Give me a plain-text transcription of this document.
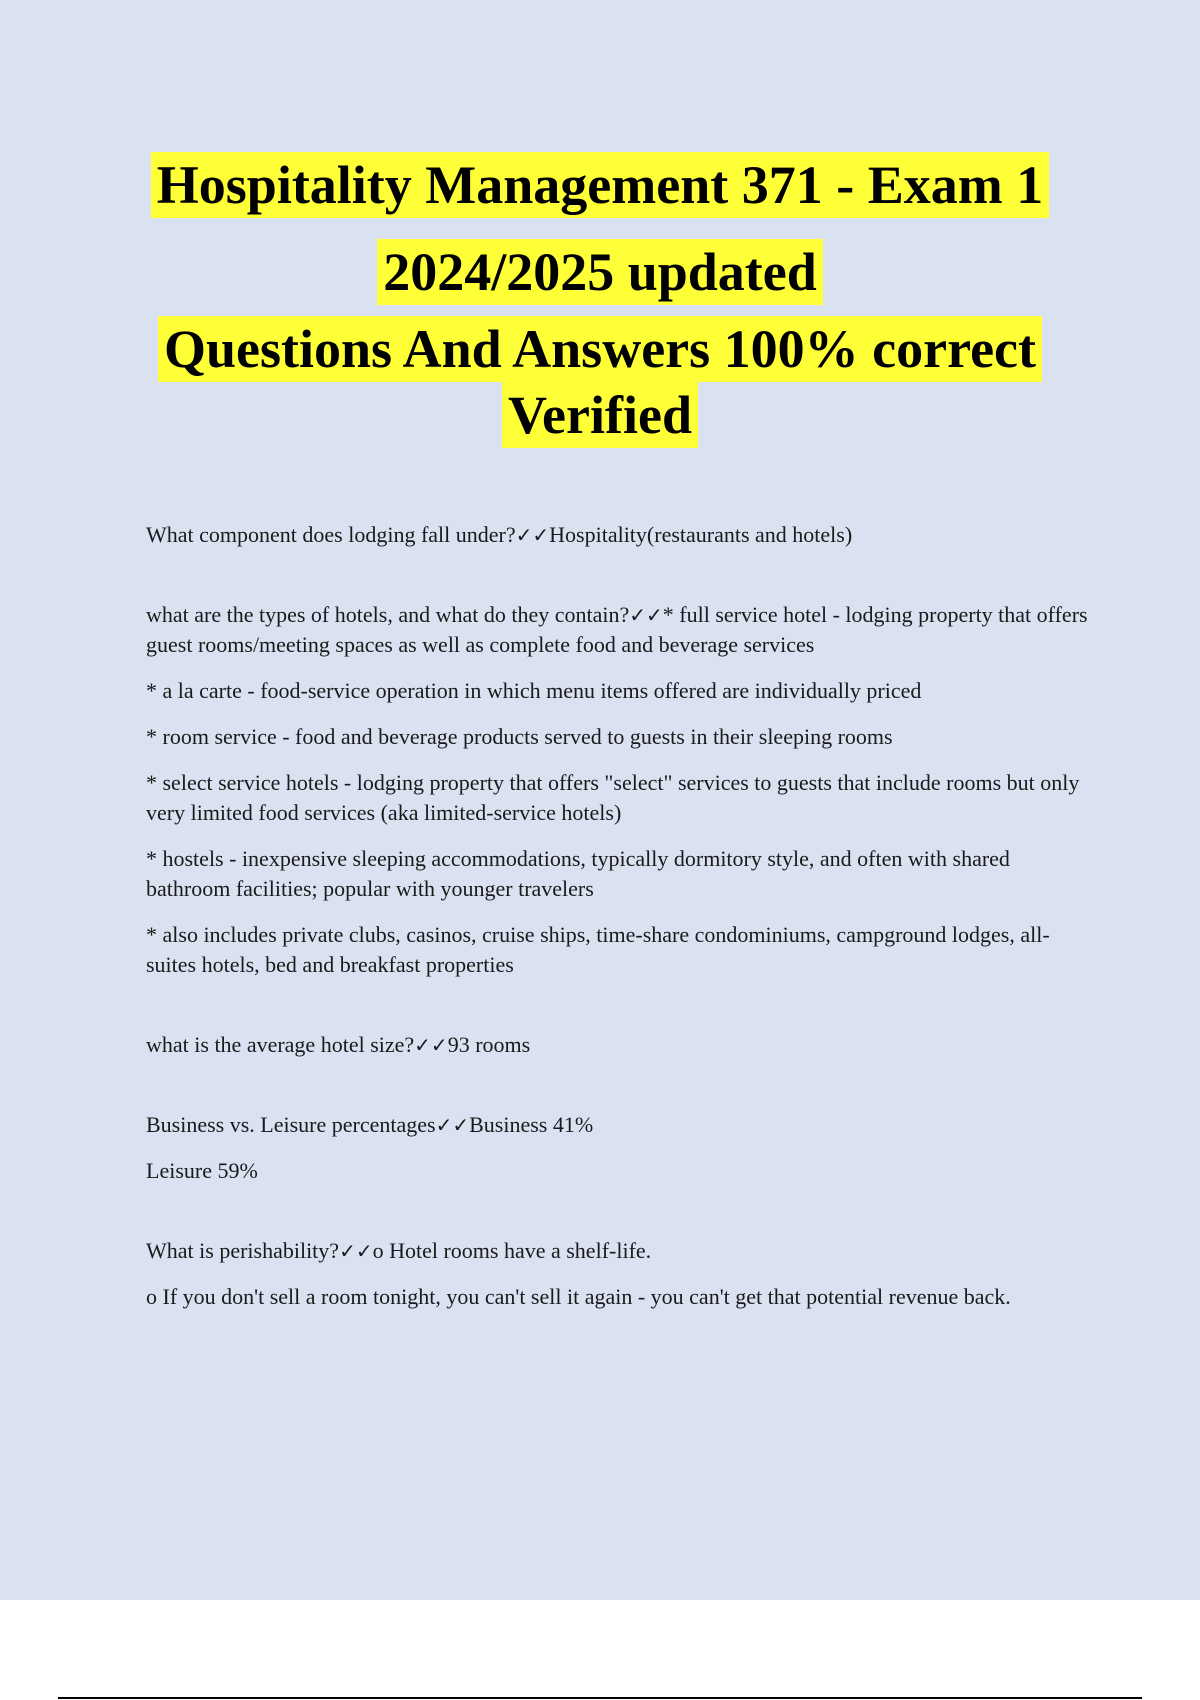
Hospitality Management 371 - Exam 1
2024/2025 updated
Questions And Answers 100% correct
Verified

What component does lodging fall under?✓✓Hospitality(restaurants and hotels)

what are the types of hotels, and what do they contain?✓✓* full service hotel - lodging property that offers guest rooms/meeting spaces as well as complete food and beverage services

* a la carte - food-service operation in which menu items offered are individually priced

* room service - food and beverage products served to guests in their sleeping rooms

* select service hotels - lodging property that offers "select" services to guests that include rooms but only very limited food services (aka limited-service hotels)

* hostels - inexpensive sleeping accommodations, typically dormitory style, and often with shared bathroom facilities; popular with younger travelers

* also includes private clubs, casinos, cruise ships, time-share condominiums, campground lodges, all-suites hotels, bed and breakfast properties

what is the average hotel size?✓✓93 rooms

Business vs. Leisure percentages✓✓Business 41%

Leisure 59%

What is perishability?✓✓o Hotel rooms have a shelf-life.

o If you don't sell a room tonight, you can't sell it again - you can't get that potential revenue back.
